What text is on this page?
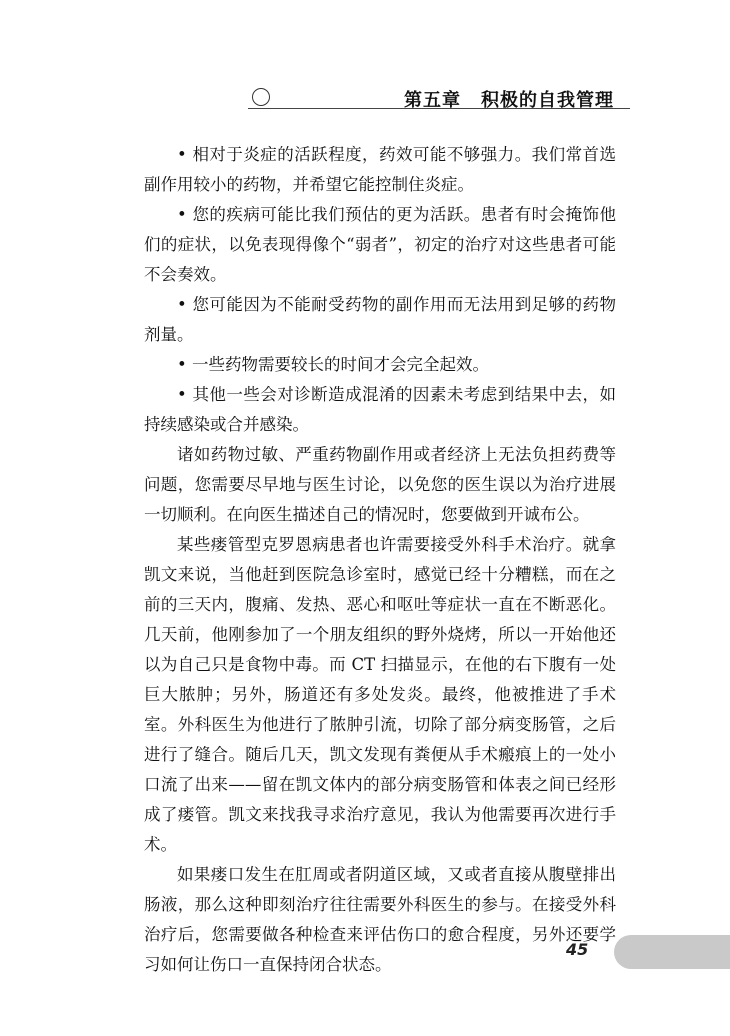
第五章 积极的自我管理

• 相对于炎症的活跃程度，药效可能不够强力。我们常首选副作用较小的药物，并希望它能控制住炎症。

• 您的疾病可能比我们预估的更为活跃。患者有时会掩饰他们的症状，以免表现得像个“弱者”，初定的治疗对这些患者可能不会奏效。

• 您可能因为不能耐受药物的副作用而无法用到足够的药物剂量。

• 一些药物需要较长的时间才会完全起效。

• 其他一些会对诊断造成混淆的因素未考虑到结果中去，如持续感染或合并感染。

诸如药物过敏、严重药物副作用或者经济上无法负担药费等问题，您需要尽早地与医生讨论，以免您的医生误以为治疗进展一切顺利。在向医生描述自己的情况时，您要做到开诚布公。

某些瘘管型克罗恩病患者也许需要接受外科手术治疗。就拿凯文来说，当他赶到医院急诊室时，感觉已经十分糟糕，而在之前的三天内，腹痛、发热、恶心和呕吐等症状一直在不断恶化。几天前，他刚参加了一个朋友组织的野外烧烤，所以一开始他还以为自己只是食物中毒。而 CT 扫描显示，在他的右下腹有一处巨大脓肿；另外，肠道还有多处发炎。最终，他被推进了手术室。外科医生为他进行了脓肿引流，切除了部分病变肠管，之后进行了缝合。随后几天，凯文发现有粪便从手术瘢痕上的一处小口流了出来——留在凯文体内的部分病变肠管和体表之间已经形成了瘘管。凯文来找我寻求治疗意见，我认为他需要再次进行手术。

如果瘘口发生在肛周或者阴道区域，又或者直接从腹壁排出肠液，那么这种即刻治疗往往需要外科医生的参与。在接受外科治疗后，您需要做各种检查来评估伤口的愈合程度，另外还要学习如何让伤口一直保持闭合状态。

45
